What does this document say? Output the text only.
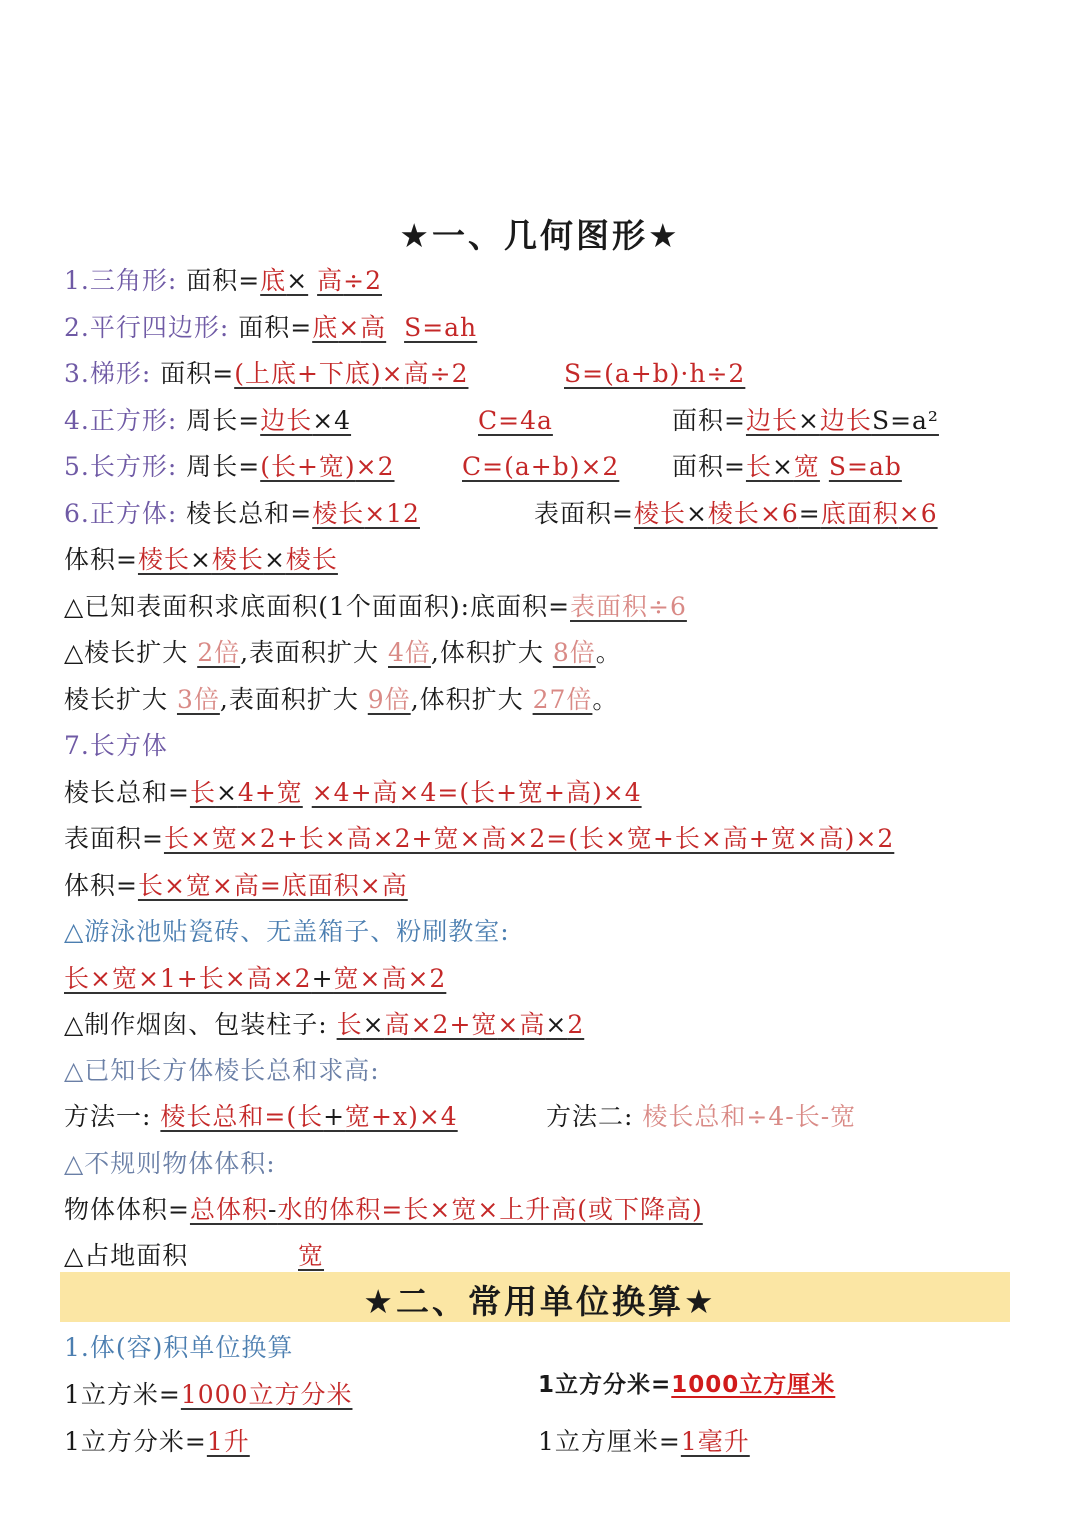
★一、几何图形★
1.三角形: 面积=底× 高÷2
2.平行四边形: 面积=底×高 S=ah
3.梯形: 面积=(上底+下底)×高÷2	S=(a+b)·h÷2
4.正方形: 周长=边长×4	C=4a	面积=边长×边长S=a²
5.长方形: 周长=(长+宽)×2	C=(a+b)×2 面积=长×宽 S=ab
6.正方体: 棱长总和=棱长×12	表面积=棱长×棱长×6=底面积×6
体积=棱长×棱长×棱长
△已知表面积求底面积(1个面面积):底面积=表面积÷6
△棱长扩大 2倍,表面积扩大 4倍,体积扩大 8倍。
棱长扩大 3倍,表面积扩大 9倍,体积扩大 27倍。
7.长方体
棱长总和=长×4+宽 ×4+高×4=(长+宽+高)×4
表面积=长×宽×2+长×高×2+宽×高×2=(长×宽+长×高+宽×高)×2
体积=长×宽×高=底面积×高
△游泳池贴瓷砖、无盖箱子、粉刷教室:
长×宽×1+长×高×2+宽×高×2
△制作烟囱、包装柱子: 长×高×2+宽×高×2
△已知长方体棱长总和求高:
方法一: 棱长总和=(长+宽+x)×4	方法二: 棱长总和÷4-长-宽
△不规则物体体积:
物体体积=总体积-水的体积=长×宽×上升高(或下降高)
△占地面积	宽
★二、常用单位换算★
1.体(容)积单位换算
1立方米=1000立方分米	1立方分米=1000立方厘米
1立方分米=1升	1立方厘米=1毫升
